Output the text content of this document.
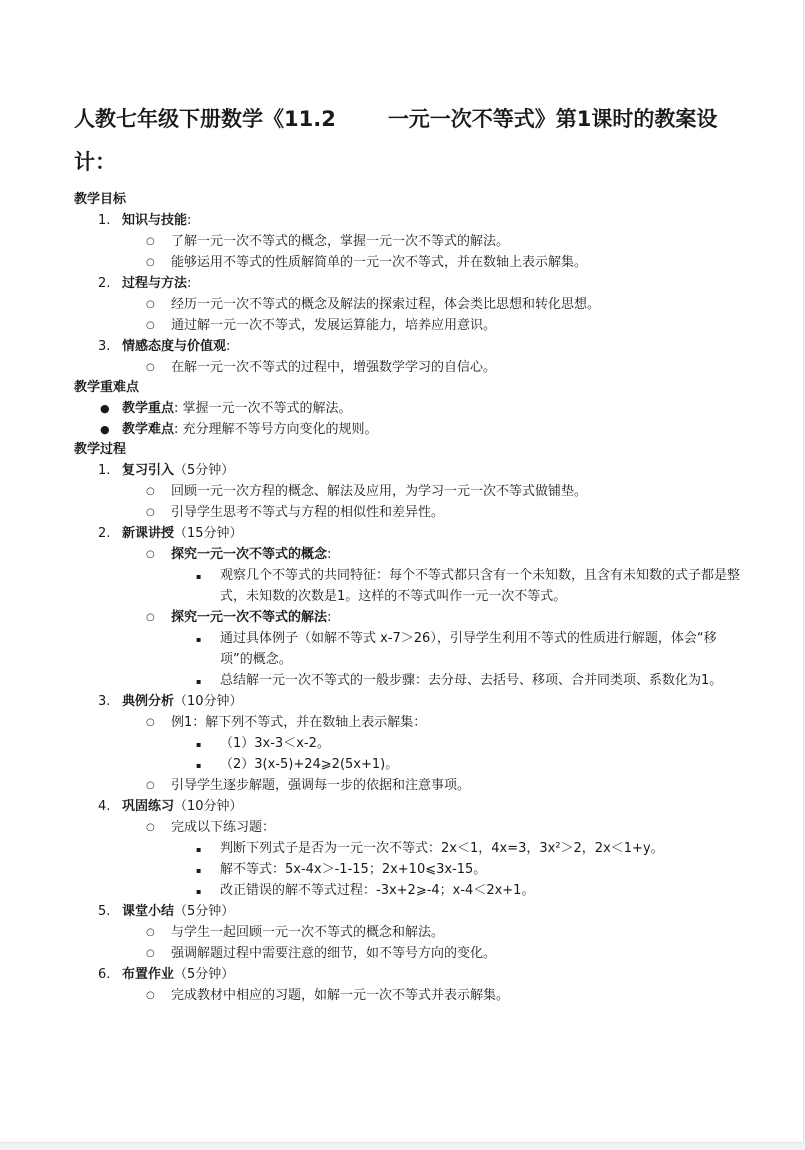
人教七年级下册数学《11.2 一元一次不等式》第1课时的教案设计：
教学目标
1. 知识与技能:
○ 了解一元一次不等式的概念，掌握一元一次不等式的解法。
○ 能够运用不等式的性质解简单的一元一次不等式，并在数轴上表示解集。
2. 过程与方法:
○ 经历一元一次不等式的概念及解法的探索过程，体会类比思想和转化思想。
○ 通过解一元一次不等式，发展运算能力，培养应用意识。
3. 情感态度与价值观:
○ 在解一元一次不等式的过程中，增强数学学习的自信心。
教学重难点
● 教学重点: 掌握一元一次不等式的解法。
● 教学难点: 充分理解不等号方向变化的规则。
教学过程
1. 复习引入（5分钟）
○ 回顾一元一次方程的概念、解法及应用，为学习一元一次不等式做铺垫。
○ 引导学生思考不等式与方程的相似性和差异性。
2. 新课讲授（15分钟）
○ 探究一元一次不等式的概念:
▪ 观察几个不等式的共同特征：每个不等式都只含有一个未知数，且含有未知数的式子都是整式，未知数的次数是1。这样的不等式叫作一元一次不等式。
○ 探究一元一次不等式的解法:
▪ 通过具体例子（如解不等式 x-7＞26），引导学生利用不等式的性质进行解题，体会“移项”的概念。
▪ 总结解一元一次不等式的一般步骤：去分母、去括号、移项、合并同类项、系数化为1。
3. 典例分析（10分钟）
○ 例1：解下列不等式，并在数轴上表示解集：
▪ （1）3x-3＜x-2。
▪ （2）3(x-5)+24⩾2(5x+1)。
○ 引导学生逐步解题，强调每一步的依据和注意事项。
4. 巩固练习（10分钟）
○ 完成以下练习题：
▪ 判断下列式子是否为一元一次不等式：2x＜1，4x=3，3x²＞2，2x＜1+y。
▪ 解不等式：5x-4x＞-1-15；2x+10⩽3x-15。
▪ 改正错误的解不等式过程：-3x+2⩾-4；x-4＜2x+1。
5. 课堂小结（5分钟）
○ 与学生一起回顾一元一次不等式的概念和解法。
○ 强调解题过程中需要注意的细节，如不等号方向的变化。
6. 布置作业（5分钟）
○ 完成教材中相应的习题，如解一元一次不等式并表示解集。
